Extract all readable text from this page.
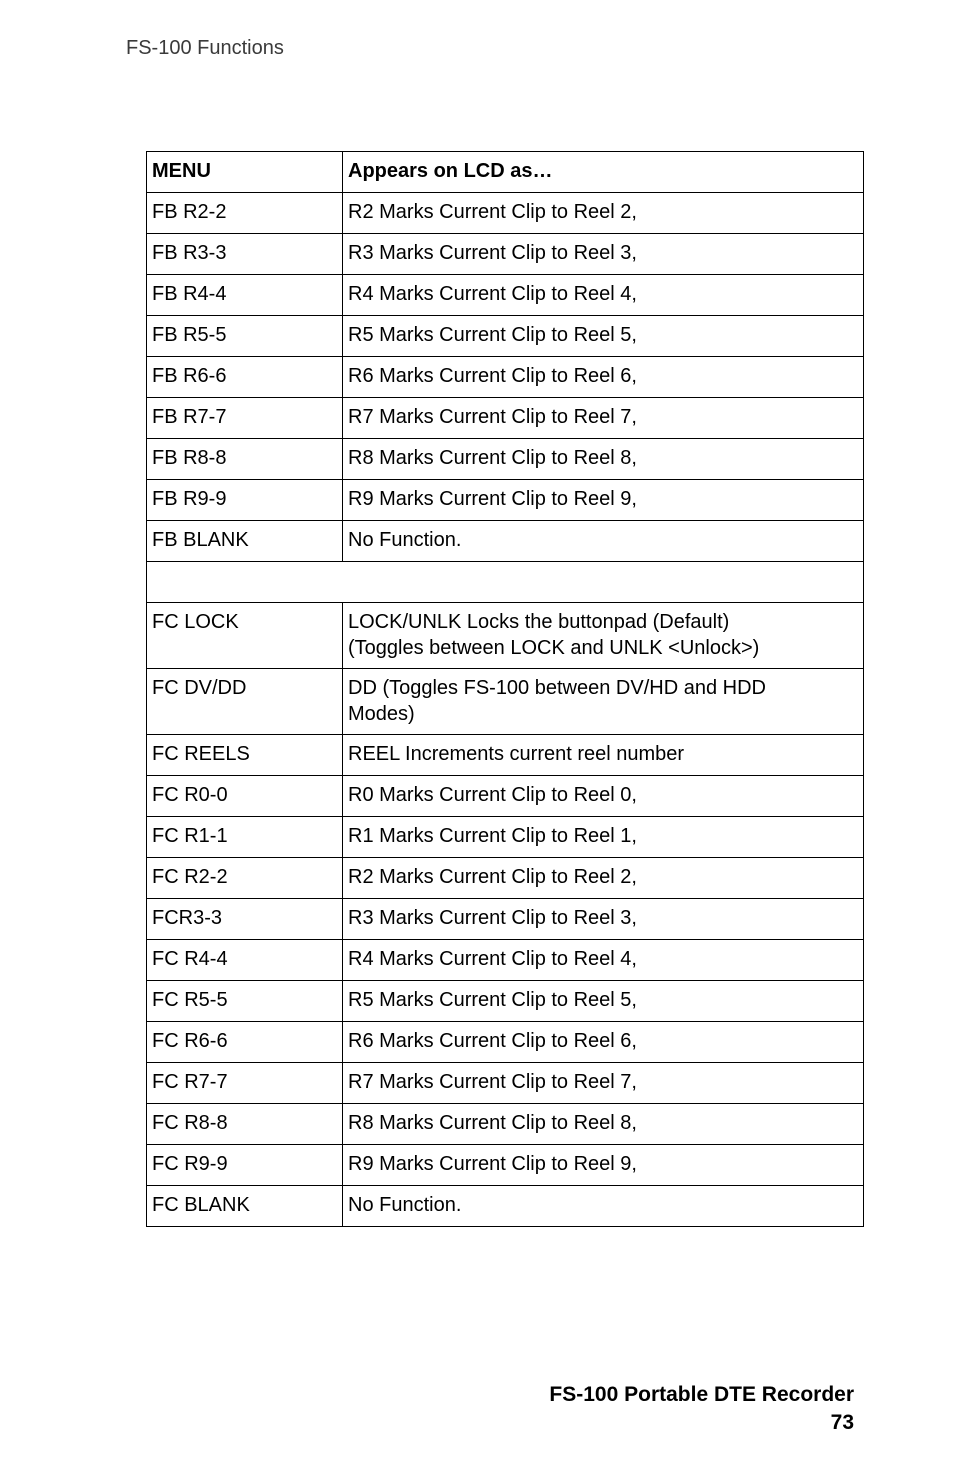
FS-100 Functions
MENU	Appears on LCD as…
FB R2-2	R2 Marks Current Clip to Reel 2,

FB R3-3	R3 Marks Current Clip to Reel 3,

FB R4-4	R4 Marks Current Clip to Reel 4,

FB R5-5	R5 Marks Current Clip to Reel 5,

FB R6-6	R6 Marks Current Clip to Reel 6,

FB R7-7	R7 Marks Current Clip to Reel 7,

FB R8-8	R8 Marks Current Clip to Reel 8,

FB R9-9	R9 Marks Current Clip to Reel 9,

FB BLANK	No Function.

FC LOCK	LOCK/UNLK Locks the buttonpad (Default)
(Toggles between LOCK and UNLK <Unlock>)

FC DV/DD	DD (Toggles FS-100 between DV/HD and HDD
Modes)

FC REELS	REEL Increments current reel number

FC R0-0	R0 Marks Current Clip to Reel 0,

FC R1-1	R1 Marks Current Clip to Reel 1,

FC R2-2	R2 Marks Current Clip to Reel 2,

FCR3-3	R3 Marks Current Clip to Reel 3,

FC R4-4	R4 Marks Current Clip to Reel 4,

FC R5-5	R5 Marks Current Clip to Reel 5,

FC R6-6	R6 Marks Current Clip to Reel 6,

FC R7-7	R7 Marks Current Clip to Reel 7,

FC R8-8	R8 Marks Current Clip to Reel 8,

FC R9-9	R9 Marks Current Clip to Reel 9,

FC BLANK	No Function.
FS-100 Portable DTE Recorder
73
